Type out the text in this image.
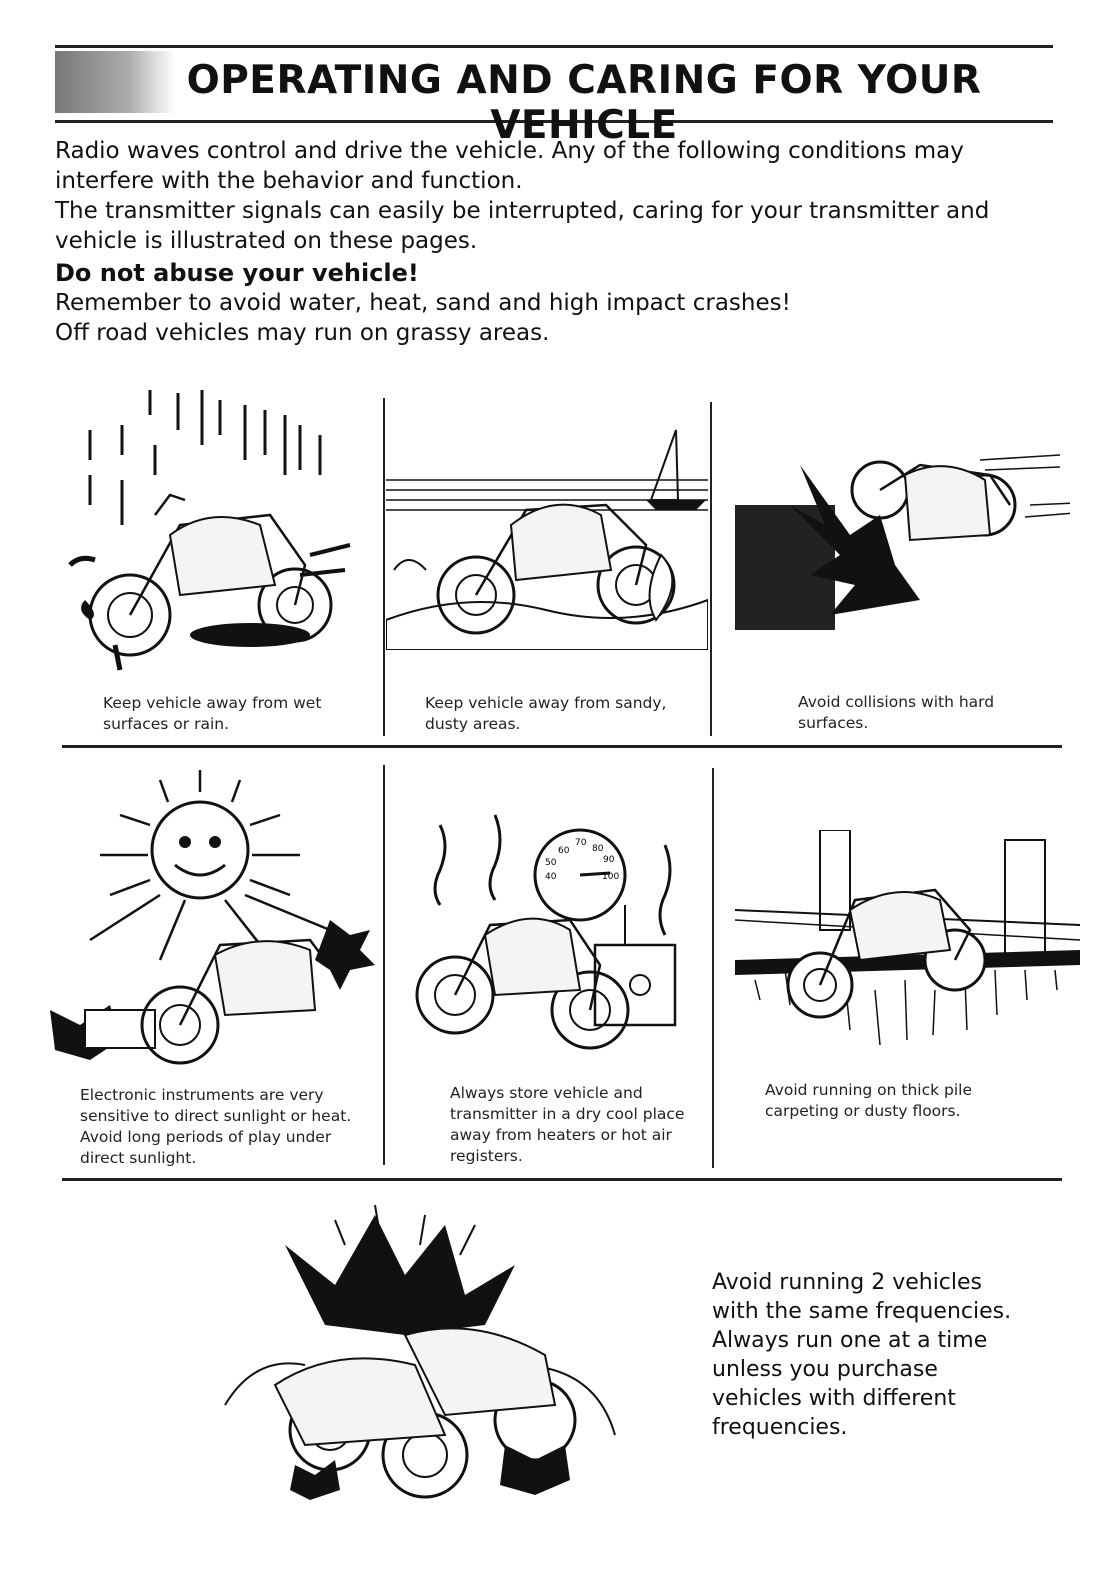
OPERATING AND CARING FOR YOUR VEHICLE

Radio waves control and drive the vehicle. Any of the following conditions may interfere with the behavior and function.

The transmitter signals can easily be interrupted, caring for your transmitter and vehicle is illustrated on these pages.

Do not abuse your vehicle!

Remember to avoid water, heat, sand and high impact crashes!

Off road vehicles may run on grassy areas.

Keep vehicle away from wet surfaces or rain.
Keep vehicle away from sandy, dusty areas.
Avoid collisions with hard surfaces.
Electronic instruments are very sensitive to direct sunlight or heat. Avoid long periods of play under direct sunlight.
60
70
80
90
50
40	100
Always store vehicle and transmitter in a dry cool place away from heaters or hot air registers.
Avoid running on thick pile carpeting or dusty floors.
Avoid running 2 vehicles with the same frequencies. Always run one at a time unless you purchase vehicles with different frequencies.
